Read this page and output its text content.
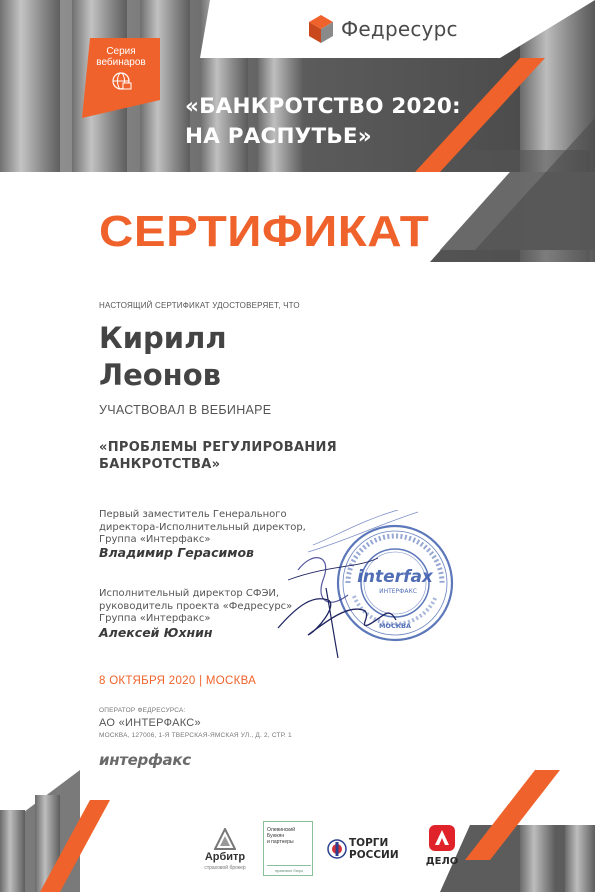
Федресурс
Серия
вебинаров
«БАНКРОТСТВО 2020:
НА РАСПУТЬЕ»
СЕРТИФИКАТ
НАСТОЯЩИЙ СЕРТИФИКАТ УДОСТОВЕРЯЕТ, ЧТО
Кирилл
Леонов
УЧАСТВОВАЛ В ВЕБИНАРЕ
«ПРОБЛЕМЫ РЕГУЛИРОВАНИЯ
БАНКРОТСТВА»
Первый заместитель Генерального
директора-Исполнительный директор,
Группа «Интерфакс»
Владимир Герасимов
Исполнительный директор СФЭИ,
руководитель проекта «Федресурс»
Группа «Интерфакс»
Алексей Юхнин
interfax
ИНТЕРФАКС
МОСКВА
8 ОКТЯБРЯ 2020 | МОСКВА
ОПЕРАТОР ФЕДРЕСУРСА:
АО «ИНТЕРФАКС»
МОСКВА, 127006, 1-Я ТВЕРСКАЯ-ЯМСКАЯ УЛ., Д. 2, СТР. 1
интерфакс
Арбитр
страховой брокер
Олевинский
Буюкян
и партнеры
правовое бюро
ТОРГИ
РОССИИ
ДЕЛО
